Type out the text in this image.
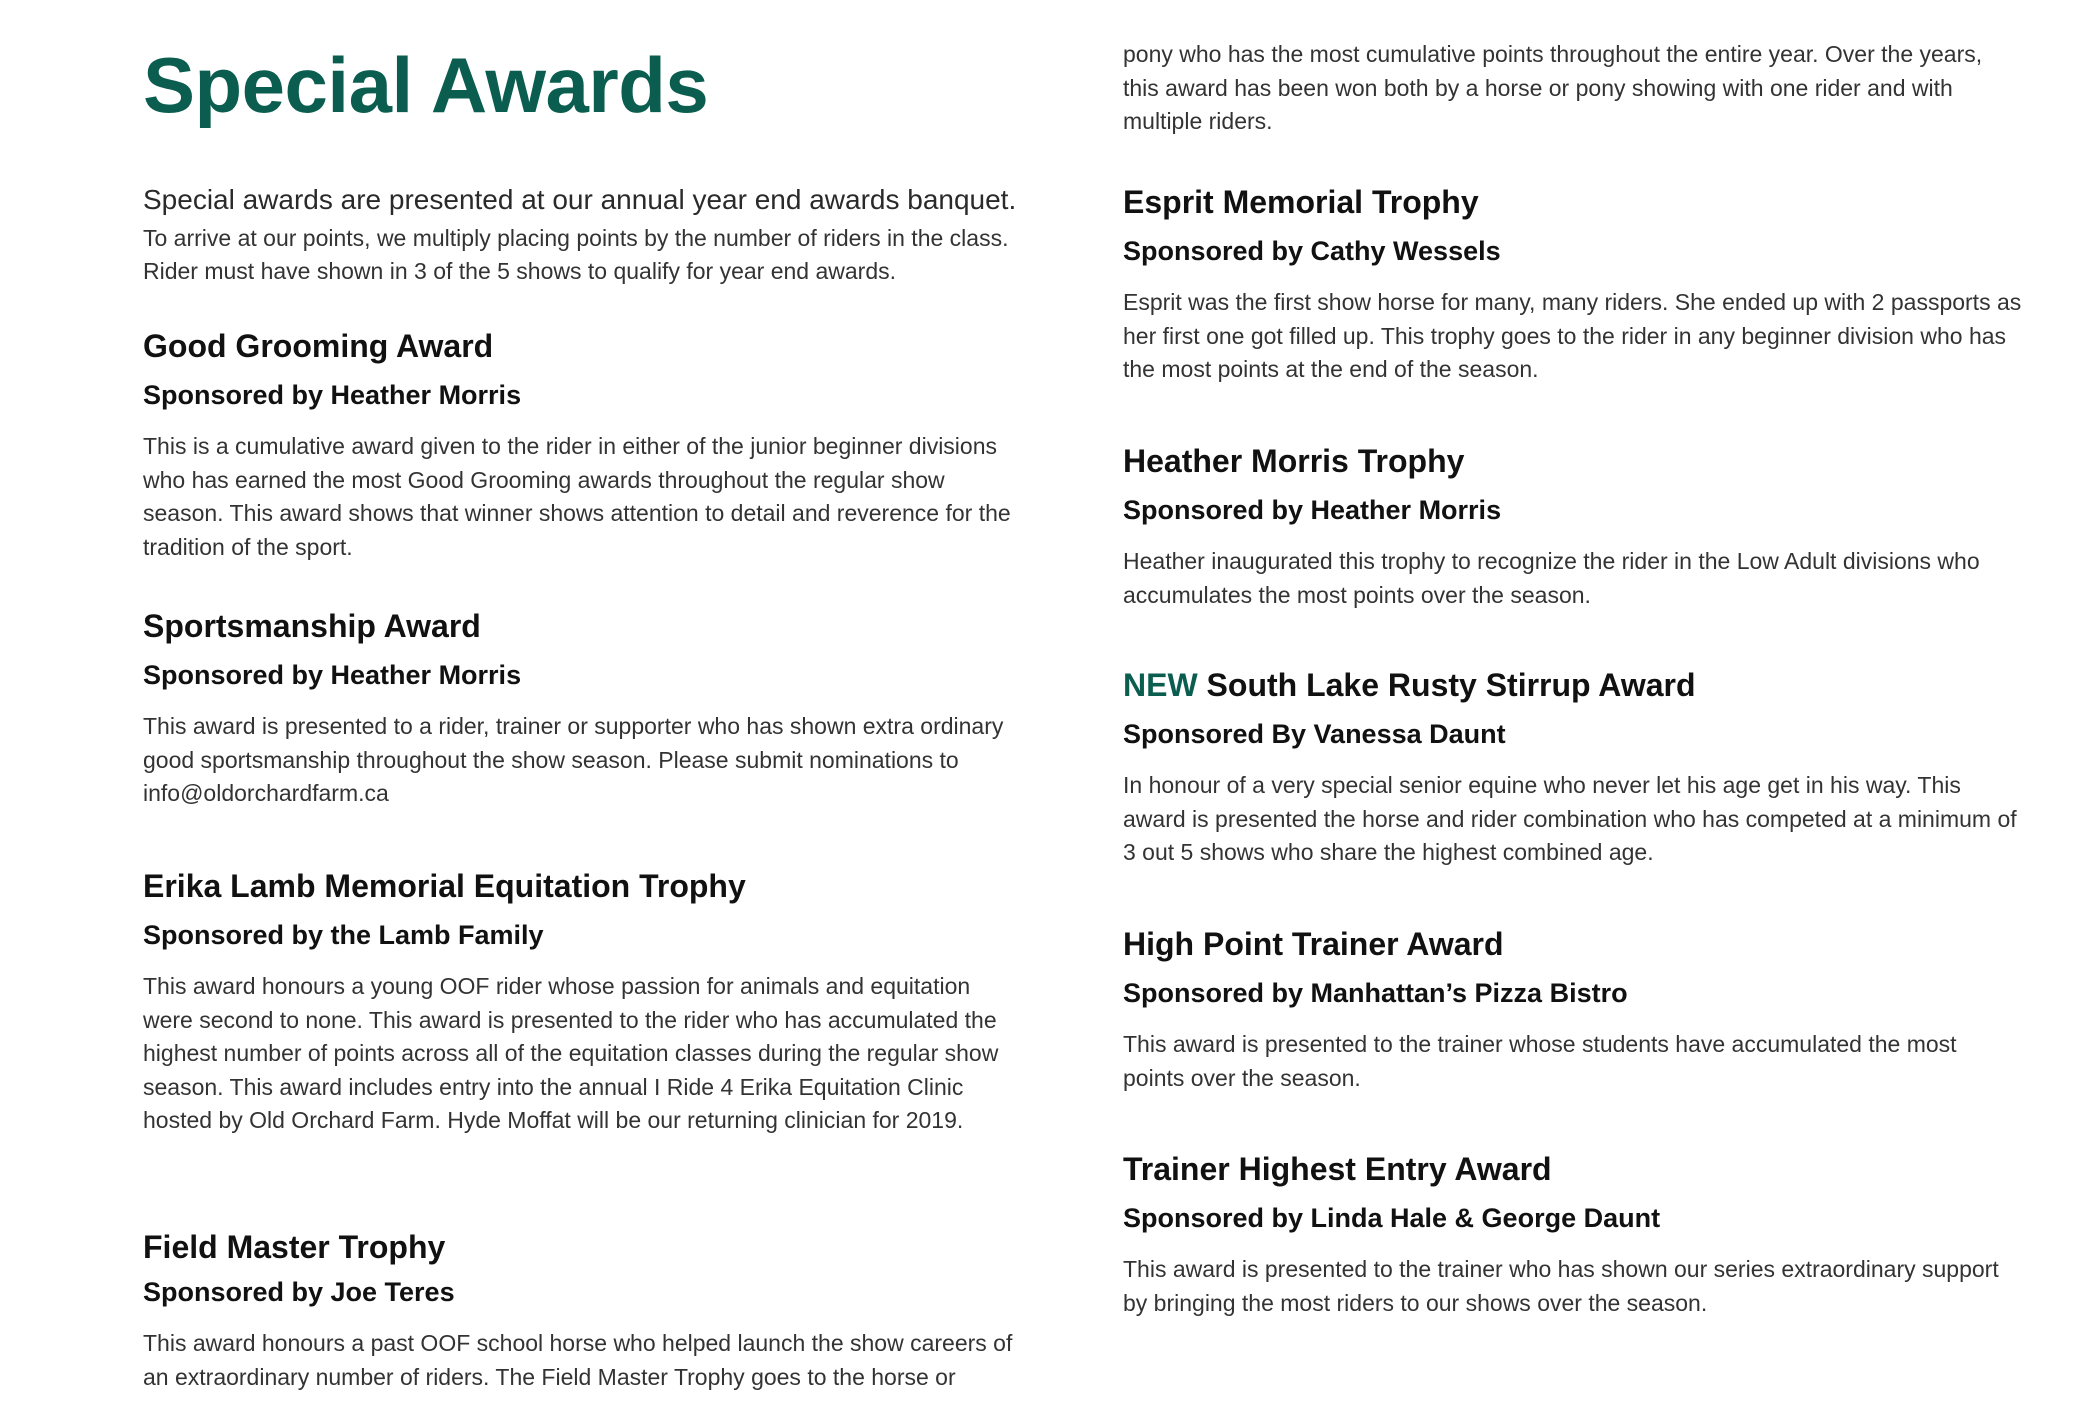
Special Awards
Special awards are presented at our annual year end awards banquet.
To arrive at our points, we multiply placing points by the number of riders in the class. Rider must have shown in 3 of the 5 shows to qualify for year end awards.
Good Grooming Award

Sponsored by Heather Morris

This is a cumulative award given to the rider in either of the junior beginner divisions who has earned the most Good Grooming awards throughout the regular show season. This award shows that winner shows attention to detail and reverence for the tradition of the sport.

Sportsmanship Award

Sponsored by Heather Morris

This award is presented to a rider, trainer or supporter who has shown extra ordinary good sportsmanship throughout the show season. Please submit nominations to info@oldorchardfarm.ca

Erika Lamb Memorial Equitation Trophy

Sponsored by the Lamb Family

This award honours a young OOF rider whose passion for animals and equitation were second to none. This award is presented to the rider who has accumulated the highest number of points across all of the equitation classes during the regular show season. This award includes entry into the annual I Ride 4 Erika Equitation Clinic hosted by Old Orchard Farm. Hyde Moffat will be our returning clinician for 2019.

Field Master Trophy

Sponsored by Joe Teres

This award honours a past OOF school horse who helped launch the show careers of an extraordinary number of riders. The Field Master Trophy goes to the horse or

pony who has the most cumulative points throughout the entire year. Over the years, this award has been won both by a horse or pony showing with one rider and with multiple riders.

Esprit Memorial Trophy

Sponsored by Cathy Wessels

Esprit was the first show horse for many, many riders. She ended up with 2 passports as her first one got filled up. This trophy goes to the rider in any beginner division who has the most points at the end of the season.

Heather Morris Trophy

Sponsored by Heather Morris

Heather inaugurated this trophy to recognize the rider in the Low Adult divisions who accumulates the most points over the season.

NEW South Lake Rusty Stirrup Award

Sponsored By Vanessa Daunt

In honour of a very special senior equine who never let his age get in his way. This award is presented the horse and rider combination who has competed at a minimum of 3 out 5 shows who share the highest combined age.

High Point Trainer Award

Sponsored by Manhattan’s Pizza Bistro

This award is presented to the trainer whose students have accumulated the most points over the season.

Trainer Highest Entry Award

Sponsored by Linda Hale & George Daunt

This award is presented to the trainer who has shown our series extraordinary support by bringing the most riders to our shows over the season.
